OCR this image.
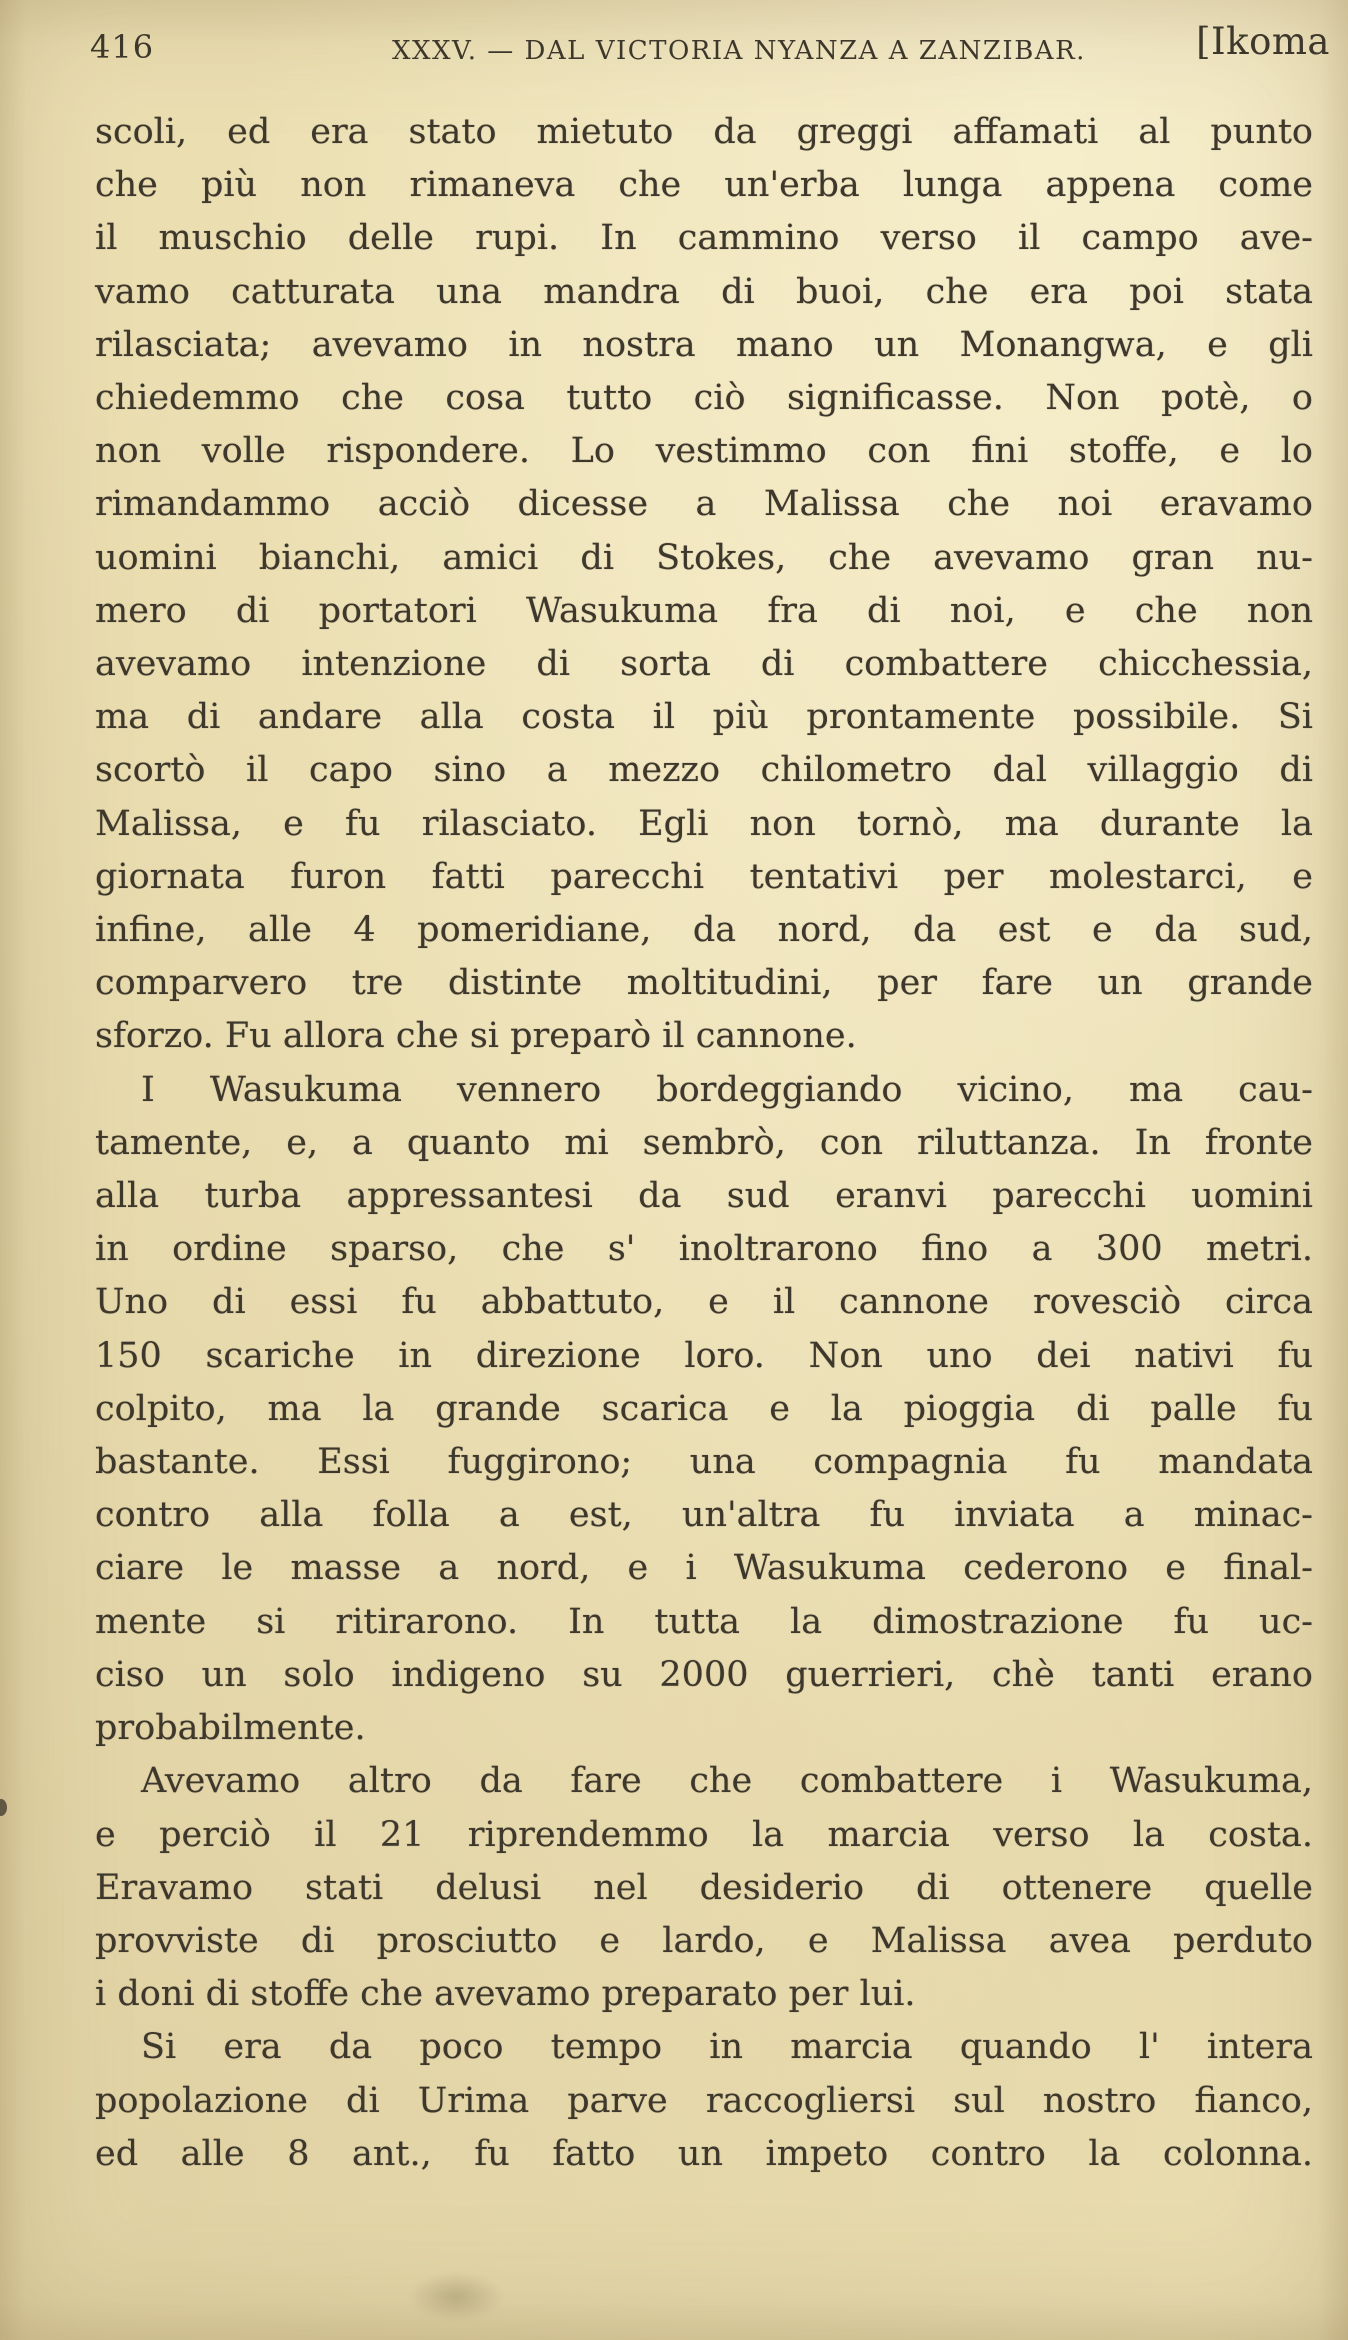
416	XXXV. — DAL VICTORIA NYANZA A ZANZIBAR.	[Ikoma
scoli, ed era stato mietuto da greggi affamati al punto
che più non rimaneva che un'erba lunga appena come
il muschio delle rupi. In cammino verso il campo ave-
vamo catturata una mandra di buoi, che era poi stata
rilasciata; avevamo in nostra mano un Monangwa, e gli
chiedemmo che cosa tutto ciò significasse. Non potè, o
non volle rispondere. Lo vestimmo con fini stoffe, e lo
rimandammo acciò dicesse a Malissa che noi eravamo
uomini bianchi, amici di Stokes, che avevamo gran nu-
mero di portatori Wasukuma fra di noi, e che non
avevamo intenzione di sorta di combattere chicchessia,
ma di andare alla costa il più prontamente possibile. Si
scortò il capo sino a mezzo chilometro dal villaggio di
Malissa, e fu rilasciato. Egli non tornò, ma durante la
giornata furon fatti parecchi tentativi per molestarci, e
infine, alle 4 pomeridiane, da nord, da est e da sud,
comparvero tre distinte moltitudini, per fare un grande
sforzo. Fu allora che si preparò il cannone.
I Wasukuma vennero bordeggiando vicino, ma cau-
tamente, e, a quanto mi sembrò, con riluttanza. In fronte
alla turba appressantesi da sud eranvi parecchi uomini
in ordine sparso, che s' inoltrarono fino a 300 metri.
Uno di essi fu abbattuto, e il cannone rovesciò circa
150 scariche in direzione loro. Non uno dei nativi fu
colpito, ma la grande scarica e la pioggia di palle fu
bastante. Essi fuggirono; una compagnia fu mandata
contro alla folla a est, un'altra fu inviata a minac-
ciare le masse a nord, e i Wasukuma cederono e final-
mente si ritirarono. In tutta la dimostrazione fu uc-
ciso un solo indigeno su 2000 guerrieri, chè tanti erano
probabilmente.
Avevamo altro da fare che combattere i Wasukuma,
e perciò il 21 riprendemmo la marcia verso la costa.
Eravamo stati delusi nel desiderio di ottenere quelle
provviste di prosciutto e lardo, e Malissa avea perduto
i doni di stoffe che avevamo preparato per lui.
Si era da poco tempo in marcia quando l' intera
popolazione di Urima parve raccogliersi sul nostro fianco,
ed alle 8 ant., fu fatto un impeto contro la colonna.
